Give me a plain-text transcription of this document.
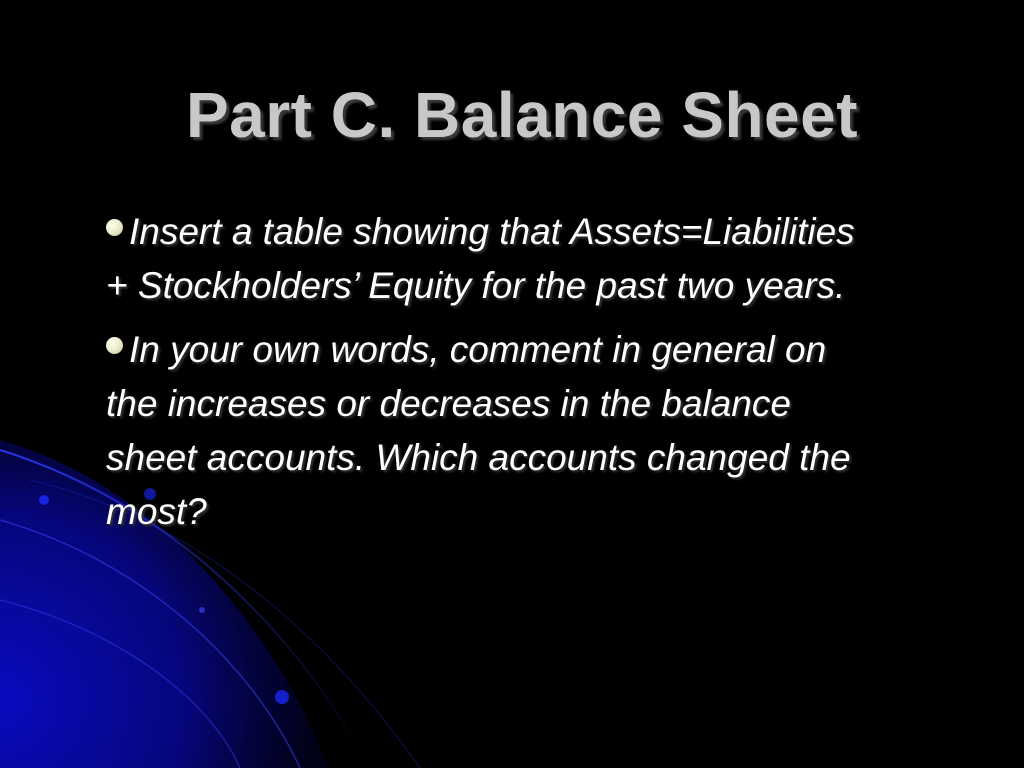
Part C. Balance Sheet
Insert a table showing that Assets=Liabilities + Stockholders’ Equity for the past two years.
In your own words, comment in general on the increases or decreases in the balance sheet accounts. Which accounts changed the most?
